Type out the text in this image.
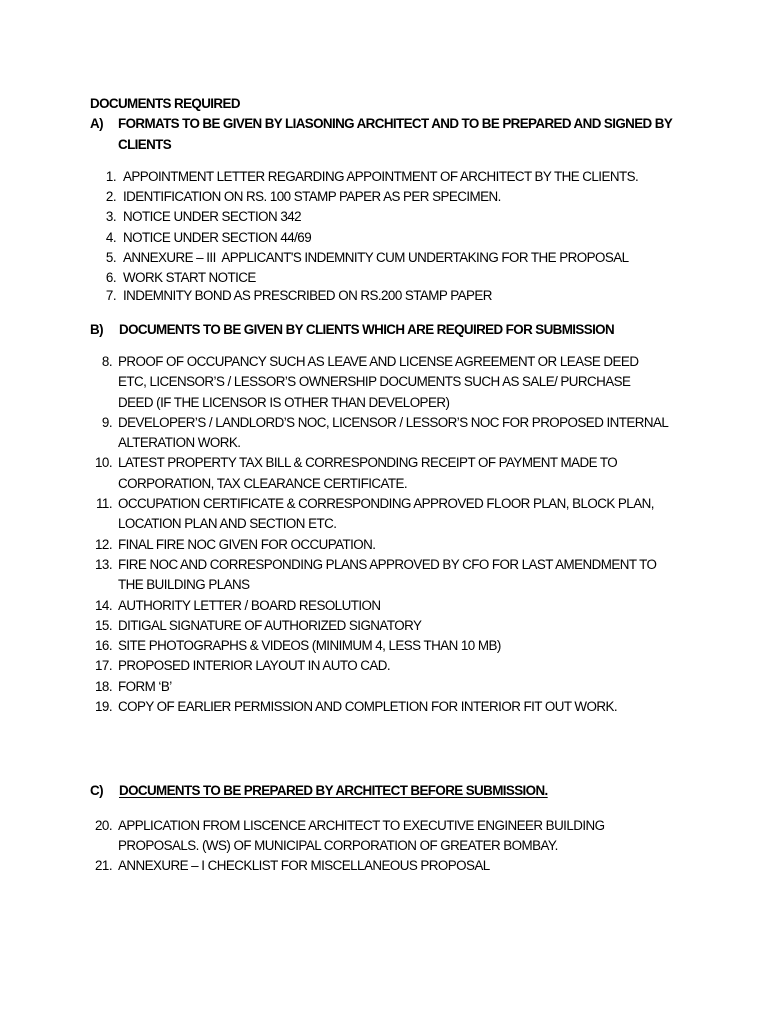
DOCUMENTS REQUIRED
A)	FORMATS TO BE GIVEN BY LIASONING ARCHITECT AND TO BE PREPARED AND SIGNED BY CLIENTS
1. APPOINTMENT LETTER REGARDING APPOINTMENT OF ARCHITECT BY THE CLIENTS.
2. IDENTIFICATION ON RS. 100 STAMP PAPER AS PER SPECIMEN.
3. NOTICE UNDER SECTION 342
4. NOTICE UNDER SECTION 44/69
5. ANNEXURE – III  APPLICANT'S INDEMNITY CUM UNDERTAKING FOR THE PROPOSAL
6. WORK START NOTICE
7. INDEMNITY BOND AS PRESCRIBED ON RS.200 STAMP PAPER
B)	DOCUMENTS TO BE GIVEN BY CLIENTS WHICH ARE REQUIRED FOR SUBMISSION
8. PROOF OF OCCUPANCY SUCH AS LEAVE AND LICENSE AGREEMENT OR LEASE DEED ETC, LICENSOR’S / LESSOR’S OWNERSHIP DOCUMENTS SUCH AS SALE/ PURCHASE DEED (IF THE LICENSOR IS OTHER THAN DEVELOPER)
9. DEVELOPER’S / LANDLORD’S NOC, LICENSOR / LESSOR’S NOC FOR PROPOSED INTERNAL ALTERATION WORK.
10. LATEST PROPERTY TAX BILL & CORRESPONDING RECEIPT OF PAYMENT MADE TO CORPORATION, TAX CLEARANCE CERTIFICATE.
11. OCCUPATION CERTIFICATE & CORRESPONDING APPROVED FLOOR PLAN, BLOCK PLAN, LOCATION PLAN AND SECTION ETC.
12. FINAL FIRE NOC GIVEN FOR OCCUPATION.
13. FIRE NOC AND CORRESPONDING PLANS APPROVED BY CFO FOR LAST AMENDMENT TO THE BUILDING PLANS
14. AUTHORITY LETTER / BOARD RESOLUTION
15. DITIGAL SIGNATURE OF AUTHORIZED SIGNATORY
16. SITE PHOTOGRAPHS & VIDEOS (MINIMUM 4, LESS THAN 10 MB)
17. PROPOSED INTERIOR LAYOUT IN AUTO CAD.
18. FORM ‘B’
19. COPY OF EARLIER PERMISSION AND COMPLETION FOR INTERIOR FIT OUT WORK.
C)	DOCUMENTS TO BE PREPARED BY ARCHITECT BEFORE SUBMISSION.
20. APPLICATION FROM LISCENCE ARCHITECT TO EXECUTIVE ENGINEER BUILDING PROPOSALS. (WS) OF MUNICIPAL CORPORATION OF GREATER BOMBAY.
21. ANNEXURE – I CHECKLIST FOR MISCELLANEOUS PROPOSAL
